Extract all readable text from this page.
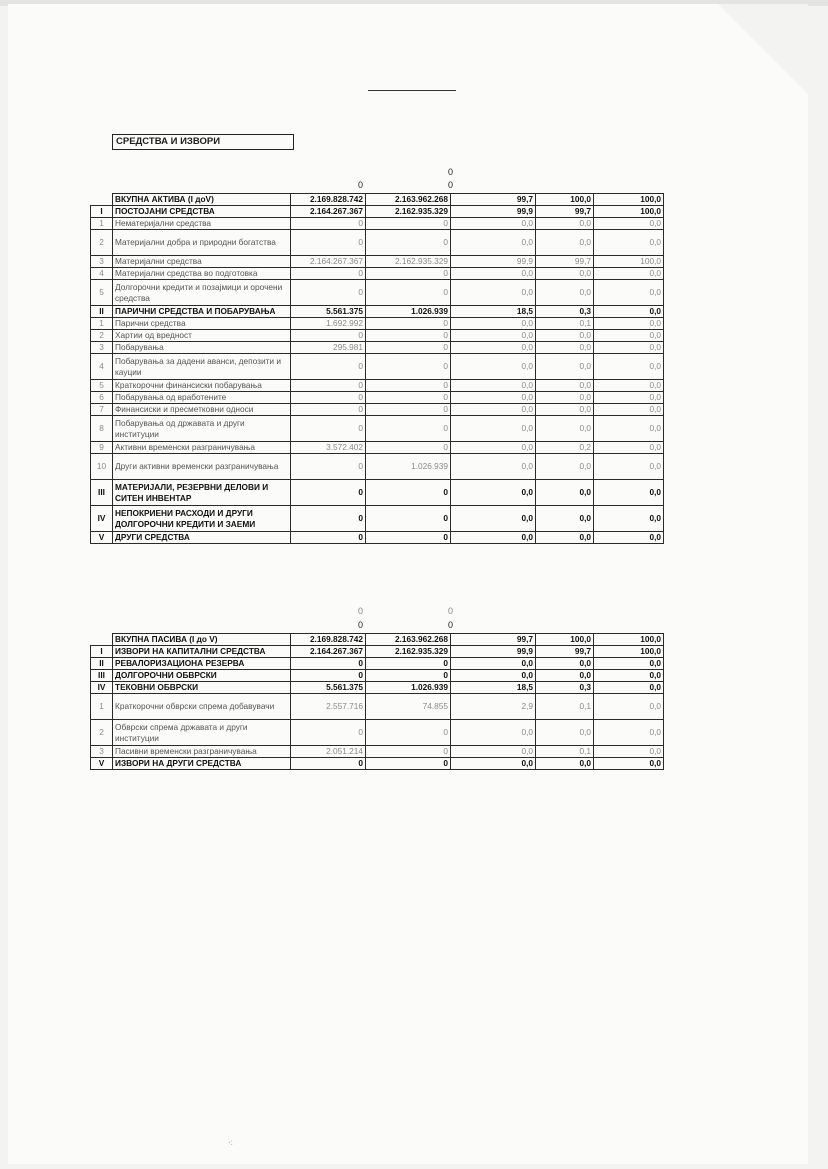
СРЕДСТВА И ИЗВОРИ
0
0	0
	ВКУПНА АКТИВА (I доV)	2.169.828.742	2.163.962.268	99,7	100,0	100,0
I	ПОСТОЈАНИ СРЕДСТВА	2.164.267.367	2.162.935.329	99,9	99,7	100,0
1	Нематеријални средства	0	0	0,0	0,0	0,0
2	Материјални добра и природни богатства	0	0	0,0	0,0	0,0
3	Материјални средства	2.164.267.367	2.162.935.329	99,9	99,7	100,0
4	Материјални средства во подготовка	0	0	0,0	0,0	0,0
5	Долгорочни кредити и позајмици и орочени средства	0	0	0,0	0,0	0,0
II	ПАРИЧНИ СРЕДСТВА И ПОБАРУВАЊА	5.561.375	1.026.939	18,5	0,3	0,0
1	Парични средства	1.692.992	0	0,0	0,1	0,0
2	Хартии од вредност	0	0	0,0	0,0	0,0
3	Побарувања	295.981	0	0,0	0,0	0,0
4	Побарувања за дадени аванси, депозити и кауции	0	0	0,0	0,0	0,0
5	Краткорочни финансиски побарувања	0	0	0,0	0,0	0,0
6	Побарувања од вработените	0	0	0,0	0,0	0,0
7	Финансиски и пресметковни односи	0	0	0,0	0,0	0,0
8	Побарувања од државата и други институции	0	0	0,0	0,0	0,0
9	Активни временски разграничувања	3.572.402	0	0,0	0,2	0,0
10	Други активни временски разграничувања	0	1.026.939	0,0	0,0	0,0
III	МАТЕРИЈАЛИ, РЕЗЕРВНИ ДЕЛОВИ И СИТЕН ИНВЕНТАР	0	0	0,0	0,0	0,0
IV	НЕПОКРИЕНИ РАСХОДИ И ДРУГИ ДОЛГОРОЧНИ КРЕДИТИ И ЗАЕМИ	0	0	0,0	0,0	0,0
V	ДРУГИ СРЕДСТВА	0	0	0,0	0,0	0,0
0	0
0	0
	ВКУПНА ПАСИВА (I до V)	2.169.828.742	2.163.962.268	99,7	100,0	100,0
I	ИЗВОРИ НА КАПИТАЛНИ СРЕДСТВА	2.164.267.367	2.162.935.329	99,9	99,7	100,0
II	РЕВАЛОРИЗАЦИОНА РЕЗЕРВА	0	0	0,0	0,0	0,0
III	ДОЛГОРОЧНИ ОБВРСКИ	0	0	0,0	0,0	0,0
IV	ТЕКОВНИ ОБВРСКИ	5.561.375	1.026.939	18,5	0,3	0,0
1	Краткорочни обврски спрема добавувачи	2.557.716	74.855	2,9	0,1	0,0
2	Обврски спрема државата и други институции	0	0	0,0	0,0	0,0
3	Пасивни временски разграничувања	2.051.214	0	0,0	0,1	0,0
V	ИЗВОРИ НА ДРУГИ СРЕДСТВА	0	0	0,0	0,0	0,0
·:
